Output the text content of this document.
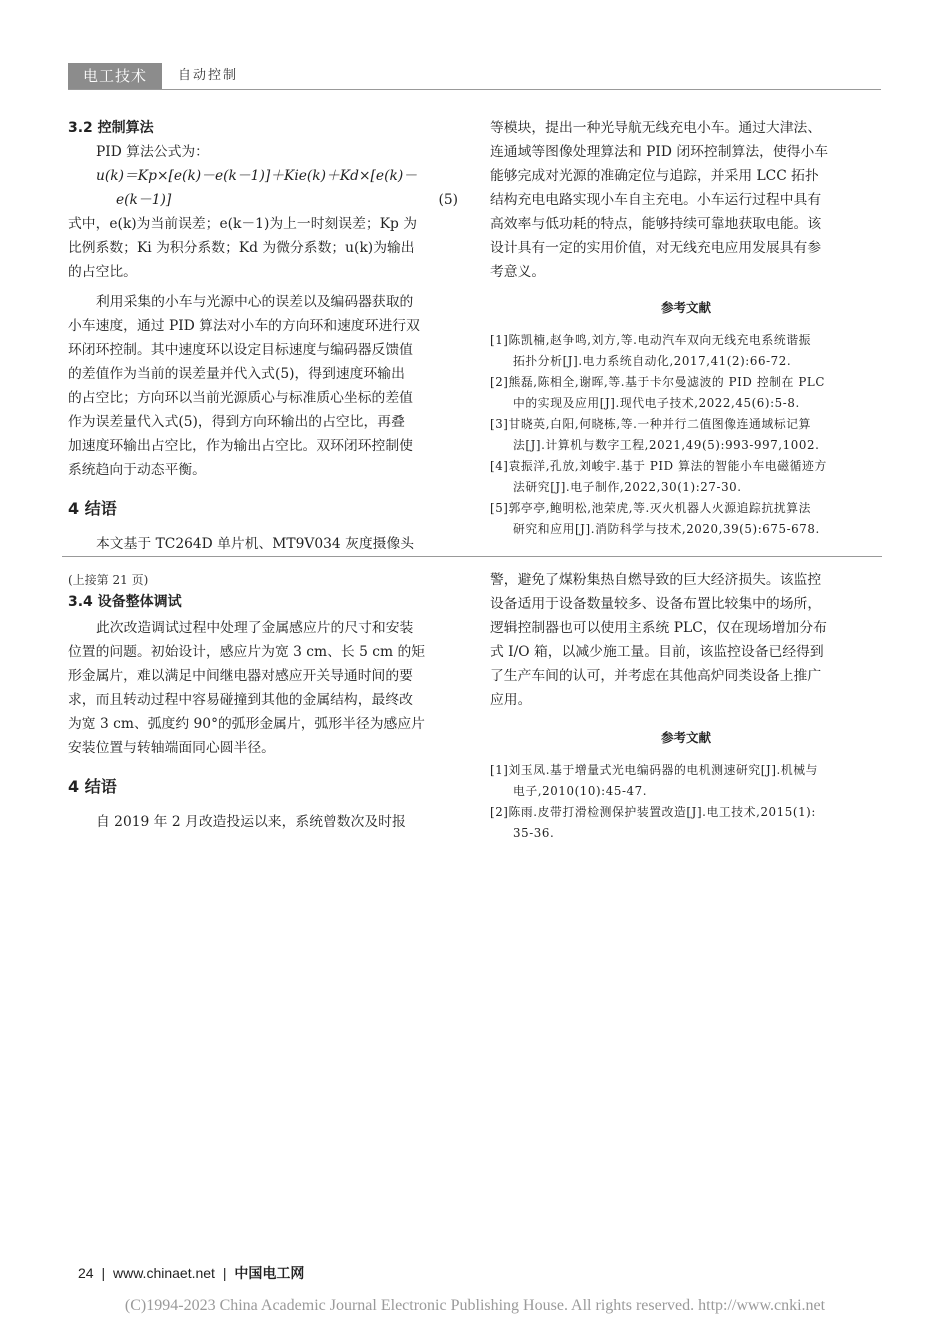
电工技术	自动控制
3.2 控制算法
PID 算法公式为：
u(k)＝Kp×[e(k)－e(k－1)]＋Kie(k)＋Kd×[e(k)－
e(k－1)]	(5)
式中，e(k)为当前误差；e(k－1)为上一时刻误差；Kp 为
比例系数；Ki 为积分系数；Kd 为微分系数；u(k)为输出
的占空比。
利用采集的小车与光源中心的误差以及编码器获取的
小车速度，通过 PID 算法对小车的方向环和速度环进行双
环闭环控制。其中速度环以设定目标速度与编码器反馈值
的差值作为当前的误差量并代入式(5)，得到速度环输出
的占空比；方向环以当前光源质心与标准质心坐标的差值
作为误差量代入式(5)，得到方向环输出的占空比，再叠
加速度环输出占空比，作为输出占空比。双环闭环控制使
系统趋向于动态平衡。
4 结语
本文基于 TC264D 单片机、MT9V034 灰度摄像头
等模块，提出一种光导航无线充电小车。通过大津法、
连通域等图像处理算法和 PID 闭环控制算法，使得小车
能够完成对光源的准确定位与追踪，并采用 LCC 拓扑
结构充电电路实现小车自主充电。小车运行过程中具有
高效率与低功耗的特点，能够持续可靠地获取电能。该
设计具有一定的实用价值，对无线充电应用发展具有参
考意义。
参考文献
[1]陈凯楠,赵争鸣,刘方,等.电动汽车双向无线充电系统谐振
拓扑分析[J].电力系统自动化,2017,41(2):66-72.
[2]熊磊,陈相全,谢晖,等.基于卡尔曼滤波的 PID 控制在 PLC
中的实现及应用[J].现代电子技术,2022,45(6):5-8.
[3]甘晓英,白阳,何晓栋,等.一种并行二值图像连通域标记算
法[J].计算机与数字工程,2021,49(5):993-997,1002.
[4]袁振洋,孔放,刘峻宇.基于 PID 算法的智能小车电磁循迹方
法研究[J].电子制作,2022,30(1):27-30.
[5]郭亭亭,鲍明松,池荣虎,等.灭火机器人火源追踪抗扰算法
研究和应用[J].消防科学与技术,2020,39(5):675-678.
(上接第 21 页)
3.4 设备整体调试
此次改造调试过程中处理了金属感应片的尺寸和安装
位置的问题。初始设计，感应片为宽 3 cm、长 5 cm 的矩
形金属片，难以满足中间继电器对感应开关导通时间的要
求，而且转动过程中容易碰撞到其他的金属结构，最终改
为宽 3 cm、弧度约 90°的弧形金属片，弧形半径为感应片
安装位置与转轴端面同心圆半径。
4 结语
自 2019 年 2 月改造投运以来，系统曾数次及时报
警，避免了煤粉集热自燃导致的巨大经济损失。该监控
设备适用于设备数量较多、设备布置比较集中的场所，
逻辑控制器也可以使用主系统 PLC，仅在现场增加分布
式 I/O 箱，以减少施工量。目前，该监控设备已经得到
了生产车间的认可，并考虑在其他高炉同类设备上推广
应用。
参考文献
[1]刘玉凤.基于增量式光电编码器的电机测速研究[J].机械与
电子,2010(10):45-47.
[2]陈雨.皮带打滑检测保护装置改造[J].电工技术,2015(1):
35-36.
24 | www.chinaet.net | 中国电工网
(C)1994-2023 China Academic Journal Electronic Publishing House. All rights reserved. http://www.cnki.net
